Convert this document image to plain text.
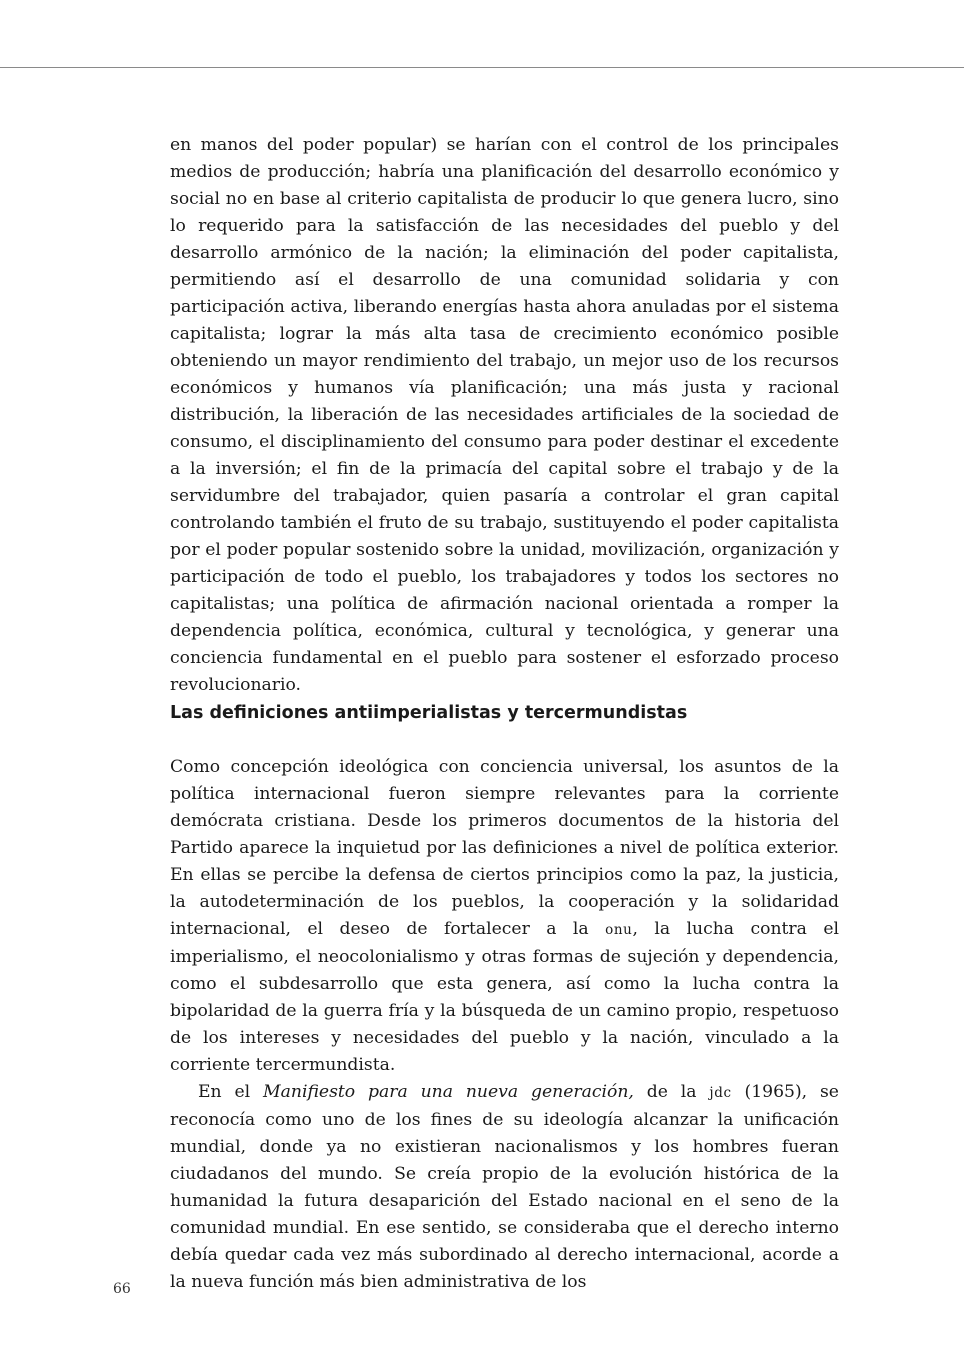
en manos del poder popular) se harían con el control de los principales medios de producción; habría una planificación del desarrollo económico y social no en base al criterio capitalista de producir lo que genera lucro, sino lo requerido para la satisfacción de las necesidades del pueblo y del desarrollo armónico de la nación; la eliminación del poder capitalista, permitiendo así el desarrollo de una comunidad solidaria y con participación activa, liberando energías hasta ahora anuladas por el sistema capitalista; lograr la más alta tasa de crecimiento económico posible obteniendo un mayor rendimiento del trabajo, un mejor uso de los recursos económicos y humanos vía planificación; una más justa y racional distribución, la liberación de las necesidades artificiales de la sociedad de consumo, el disciplinamiento del consumo para poder destinar el excedente a la inversión; el fin de la primacía del capital sobre el trabajo y de la servidumbre del trabajador, quien pasaría a controlar el gran capital controlando también el fruto de su trabajo, sustituyendo el poder capitalista por el poder popular sostenido sobre la unidad, movilización, organización y participación de todo el pueblo, los trabajadores y todos los sectores no capitalistas; una política de afirmación nacional orientada a romper la dependencia política, económica, cultural y tecnológica, y generar una conciencia fundamental en el pueblo para sostener el esforzado proceso revolucionario.

Las definiciones antiimperialistas y tercermundistas

Como concepción ideológica con conciencia universal, los asuntos de la política internacional fueron siempre relevantes para la corriente demócrata cristiana. Desde los primeros documentos de la historia del Partido aparece la inquietud por las definiciones a nivel de política exterior. En ellas se percibe la defensa de ciertos principios como la paz, la justicia, la autodeterminación de los pueblos, la cooperación y la solidaridad internacional, el deseo de fortalecer a la onu, la lucha contra el imperialismo, el neocolonialismo y otras formas de sujeción y dependencia, como el subdesarrollo que esta genera, así como la lucha contra la bipolaridad de la guerra fría y la búsqueda de un camino propio, respetuoso de los intereses y necesidades del pueblo y la nación, vinculado a la corriente tercermundista.

En el Manifiesto para una nueva generación, de la jdc (1965), se reconocía como uno de los fines de su ideología alcanzar la unificación mundial, donde ya no existieran nacionalismos y los hombres fueran ciudadanos del mundo. Se creía propio de la evolución histórica de la humanidad la futura desaparición del Estado nacional en el seno de la comunidad mundial. En ese sentido, se consideraba que el derecho interno debía quedar cada vez más subordinado al derecho internacional, acorde a la nueva función más bien administrativa de los

66
